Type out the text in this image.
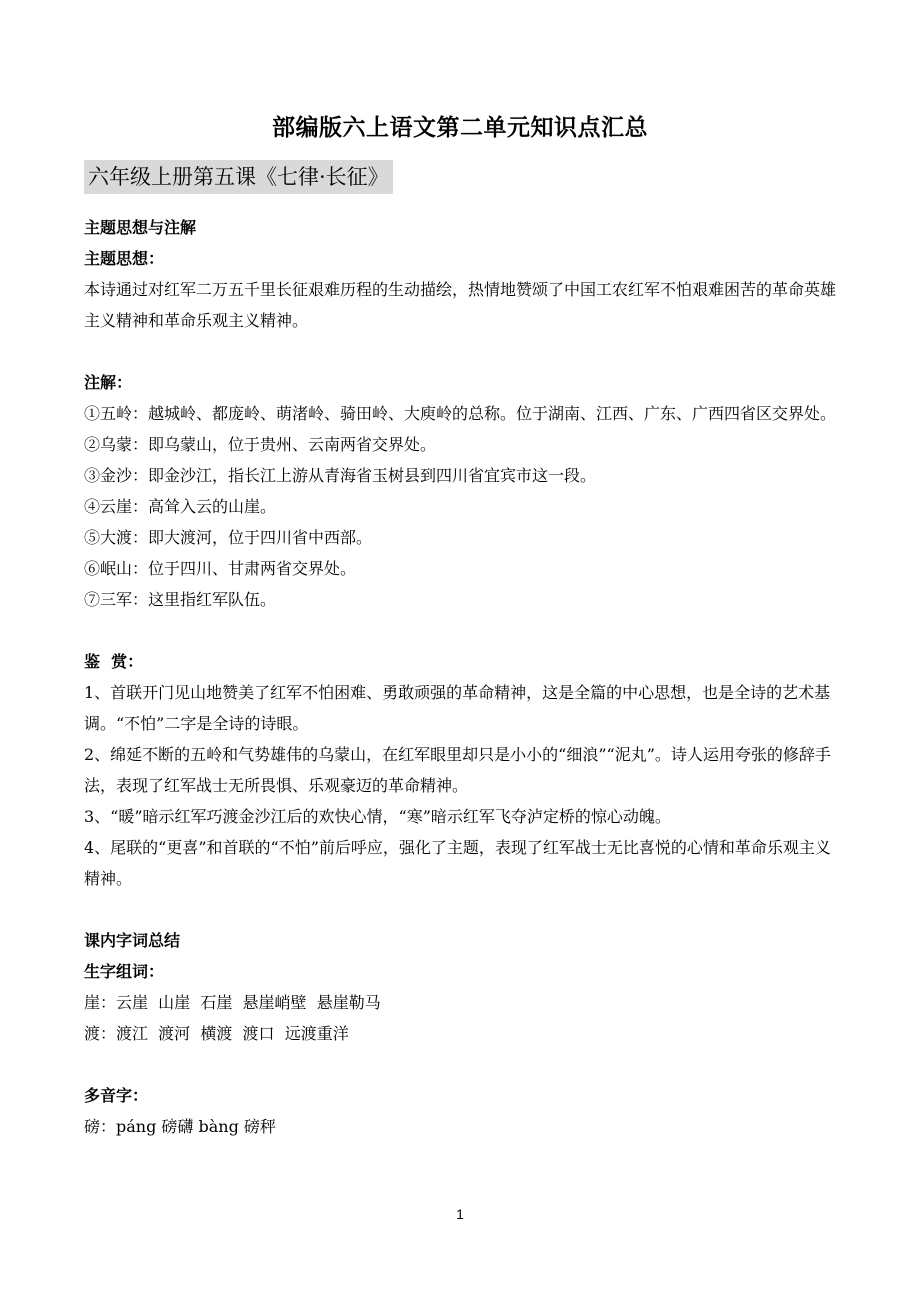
部编版六上语文第二单元知识点汇总
六年级上册第五课《七律·长征》
主题思想与注解
主题思想：

本诗通过对红军二万五千里长征艰难历程的生动描绘，热情地赞颂了中国工农红军不怕艰难困苦的革命英雄主义精神和革命乐观主义精神。

注解：

①五岭：越城岭、都庞岭、萌渚岭、骑田岭、大庾岭的总称。位于湖南、江西、广东、广西四省区交界处。

②乌蒙：即乌蒙山，位于贵州、云南两省交界处。

③金沙：即金沙江，指长江上游从青海省玉树县到四川省宜宾市这一段。

④云崖：高耸入云的山崖。

⑤大渡：即大渡河，位于四川省中西部。

⑥岷山：位于四川、甘肃两省交界处。

⑦三军：这里指红军队伍。

鉴  赏：

1、首联开门见山地赞美了红军不怕困难、勇敢顽强的革命精神，这是全篇的中心思想，也是全诗的艺术基调。“不怕”二字是全诗的诗眼。

2、绵延不断的五岭和气势雄伟的乌蒙山，在红军眼里却只是小小的“细浪”“泥丸”。诗人运用夸张的修辞手法，表现了红军战士无所畏惧、乐观豪迈的革命精神。

3、“暖”暗示红军巧渡金沙江后的欢快心情，“寒”暗示红军飞夺泸定桥的惊心动魄。

4、尾联的“更喜”和首联的“不怕”前后呼应，强化了主题，表现了红军战士无比喜悦的心情和革命乐观主义精神。

课内字词总结
生字组词：

崖：云崖  山崖  石崖  悬崖峭壁  悬崖勒马

渡：渡江  渡河  横渡  渡口  远渡重洋

多音字：

磅：páng 磅礴 bàng 磅秤

1
